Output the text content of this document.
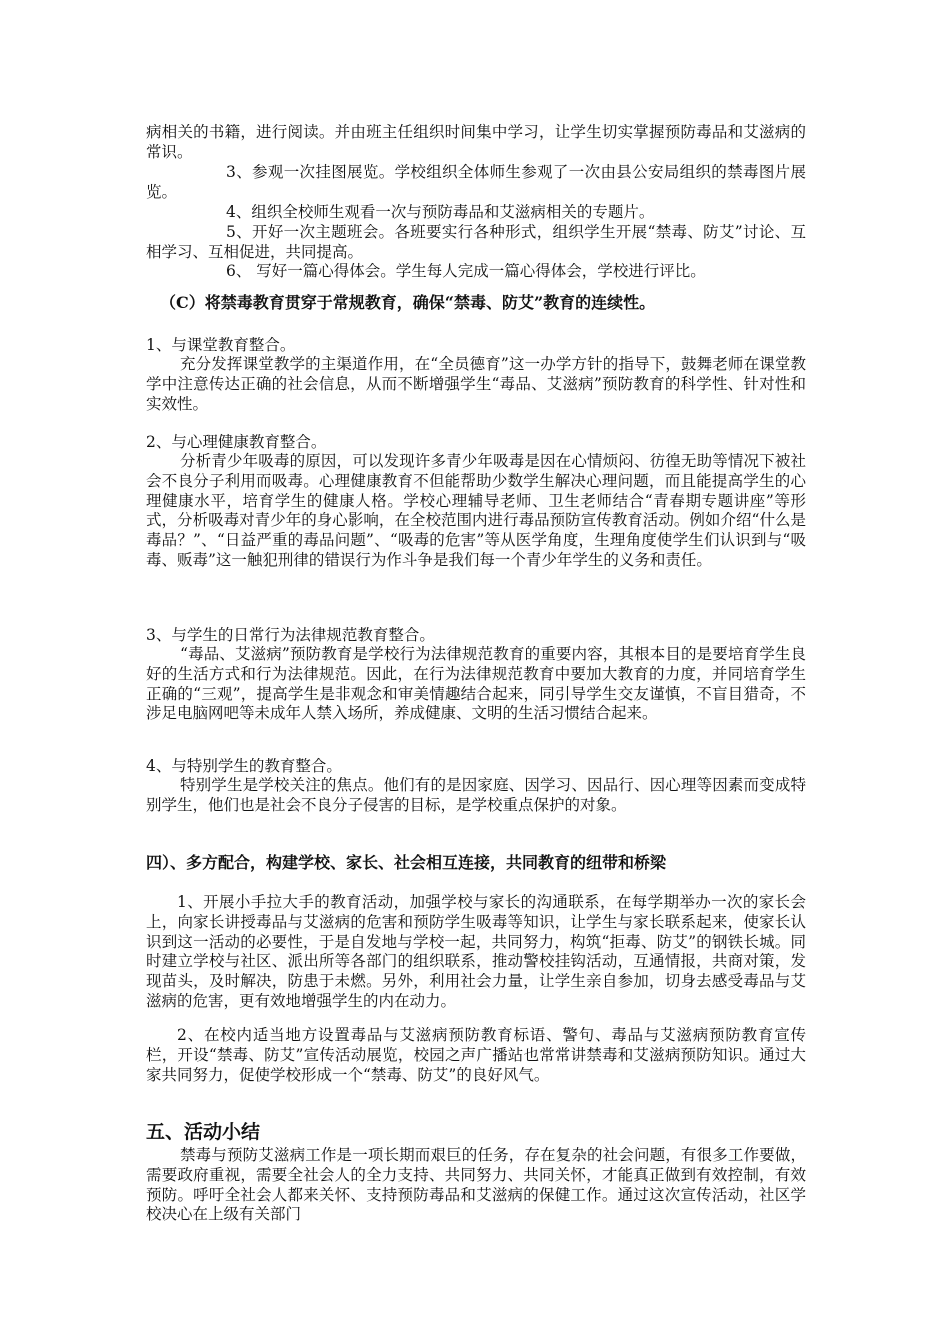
病相关的书籍，进行阅读。并由班主任组织时间集中学习，让学生切实掌握预防毒品和艾滋病的常识。

3、参观一次挂图展览。学校组织全体师生参观了一次由县公安局组织的禁毒图片展览。

4、组织全校师生观看一次与预防毒品和艾滋病相关的专题片。

5、开好一次主题班会。各班要实行各种形式，组织学生开展“禁毒、防艾”讨论、互相学习、互相促进，共同提高。

6、 写好一篇心得体会。学生每人完成一篇心得体会，学校进行评比。

（C）将禁毒教育贯穿于常规教育，确保“禁毒、防艾”教育的连续性。

1、与课堂教育整合。

充分发挥课堂教学的主渠道作用，在“全员德育”这一办学方针的指导下，鼓舞老师在课堂教学中注意传达正确的社会信息，从而不断增强学生“毒品、艾滋病”预防教育的科学性、针对性和实效性。

2、与心理健康教育整合。

分析青少年吸毒的原因，可以发现许多青少年吸毒是因在心情烦闷、彷徨无助等情况下被社会不良分子利用而吸毒。心理健康教育不但能帮助少数学生解决心理问题，而且能提高学生的心理健康水平，培育学生的健康人格。学校心理辅导老师、卫生老师结合“青春期专题讲座”等形式，分析吸毒对青少年的身心影响，在全校范围内进行毒品预防宣传教育活动。例如介绍“什么是毒品？”、“日益严重的毒品问题”、“吸毒的危害”等从医学角度，生理角度使学生们认识到与“吸毒、贩毒”这一触犯刑律的错误行为作斗争是我们每一个青少年学生的义务和责任。

3、与学生的日常行为法律规范教育整合。

“毒品、艾滋病”预防教育是学校行为法律规范教育的重要内容，其根本目的是要培育学生良好的生活方式和行为法律规范。因此，在行为法律规范教育中要加大教育的力度，并同培育学生正确的“三观”，提高学生是非观念和审美情趣结合起来，同引导学生交友谨慎，不盲目猎奇，不涉足电脑网吧等未成年人禁入场所，养成健康、文明的生活习惯结合起来。

4、与特别学生的教育整合。

特别学生是学校关注的焦点。他们有的是因家庭、因学习、因品行、因心理等因素而变成特别学生，他们也是社会不良分子侵害的目标，是学校重点保护的对象。

四）、多方配合，构建学校、家长、社会相互连接，共同教育的纽带和桥梁

1、开展小手拉大手的教育活动，加强学校与家长的沟通联系，在每学期举办一次的家长会上，向家长讲授毒品与艾滋病的危害和预防学生吸毒等知识，让学生与家长联系起来，使家长认识到这一活动的必要性，于是自发地与学校一起，共同努力，构筑“拒毒、防艾”的钢铁长城。同时建立学校与社区、派出所等各部门的组织联系，推动警校挂钩活动，互通情报，共商对策，发现苗头，及时解决，防患于未燃。另外，利用社会力量，让学生亲自参加，切身去感受毒品与艾滋病的危害，更有效地增强学生的内在动力。

2、在校内适当地方设置毒品与艾滋病预防教育标语、警句、毒品与艾滋病预防教育宣传栏，开设“禁毒、防艾”宣传活动展览，校园之声广播站也常常讲禁毒和艾滋病预防知识。通过大家共同努力，促使学校形成一个“禁毒、防艾”的良好风气。

五、活动小结

禁毒与预防艾滋病工作是一项长期而艰巨的任务，存在复杂的社会问题，有很多工作要做，需要政府重视，需要全社会人的全力支持、共同努力、共同关怀，才能真正做到有效控制，有效预防。呼吁全社会人都来关怀、支持预防毒品和艾滋病的保健工作。通过这次宣传活动，社区学校决心在上级有关部门
